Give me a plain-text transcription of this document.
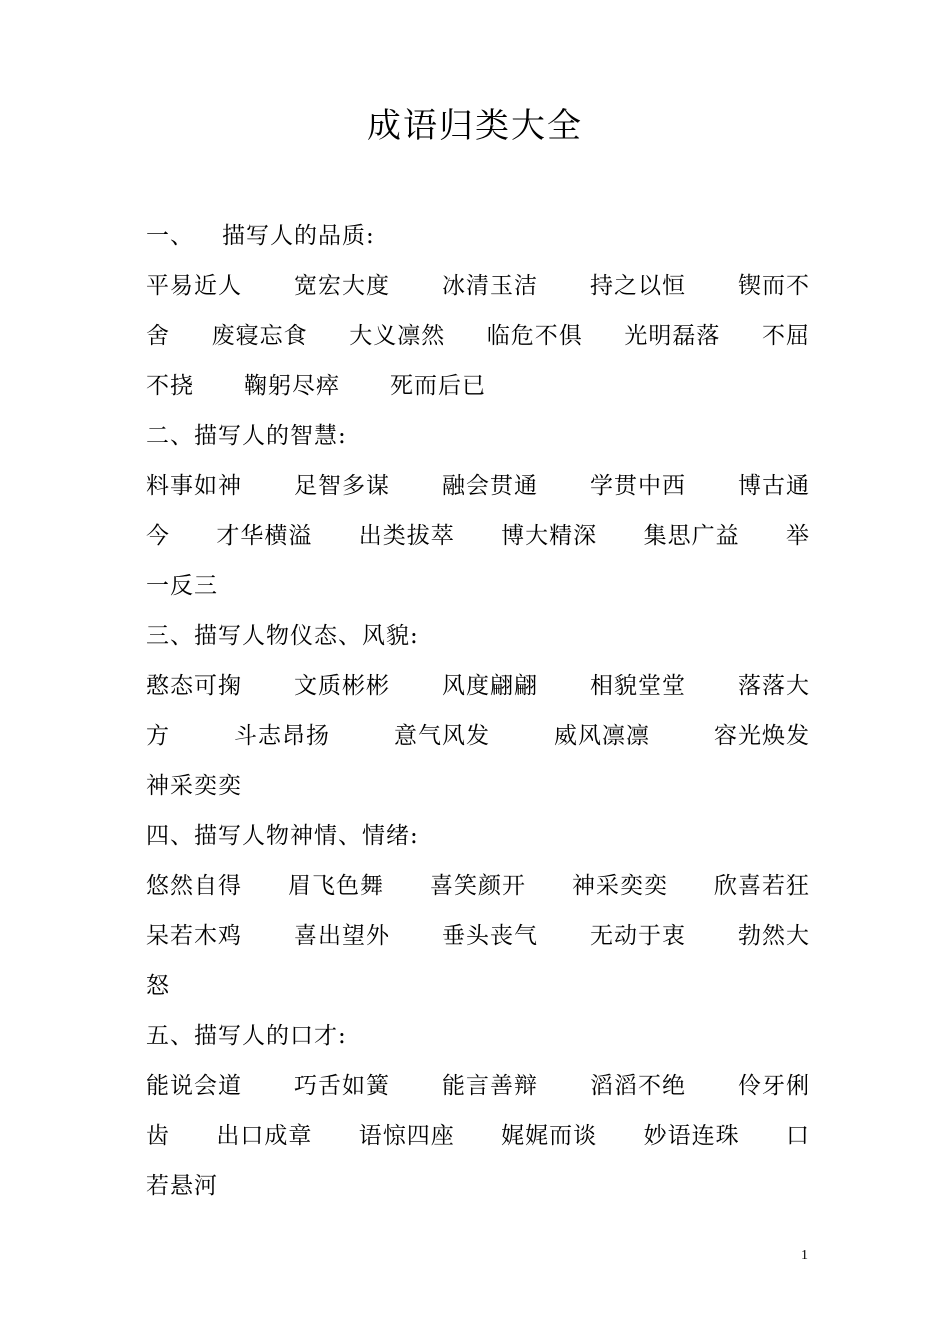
成语归类大全
一、 描写人的品质:
平易近人 宽宏大度 冰清玉洁 持之以恒 锲而不
舍 废寝忘食 大义凛然 临危不俱 光明磊落 不屈
不挠 鞠躬尽瘁 死而后已
二、描写人的智慧:
料事如神 足智多谋 融会贯通 学贯中西 博古通
今 才华横溢 出类拔萃 博大精深 集思广益 举
一反三
三、描写人物仪态、风貌:
憨态可掬 文质彬彬 风度翩翩 相貌堂堂 落落大
方	斗志昂扬	意气风发	威风凛凛	容光焕发
神采奕奕
四、描写人物神情、情绪:
悠然自得 眉飞色舞 喜笑颜开 神采奕奕 欣喜若狂
呆若木鸡 喜出望外 垂头丧气 无动于衷 勃然大
怒
五、描写人的口才:
能说会道 巧舌如簧 能言善辩 滔滔不绝 伶牙俐
齿 出口成章 语惊四座 娓娓而谈 妙语连珠 口
若悬河
1
